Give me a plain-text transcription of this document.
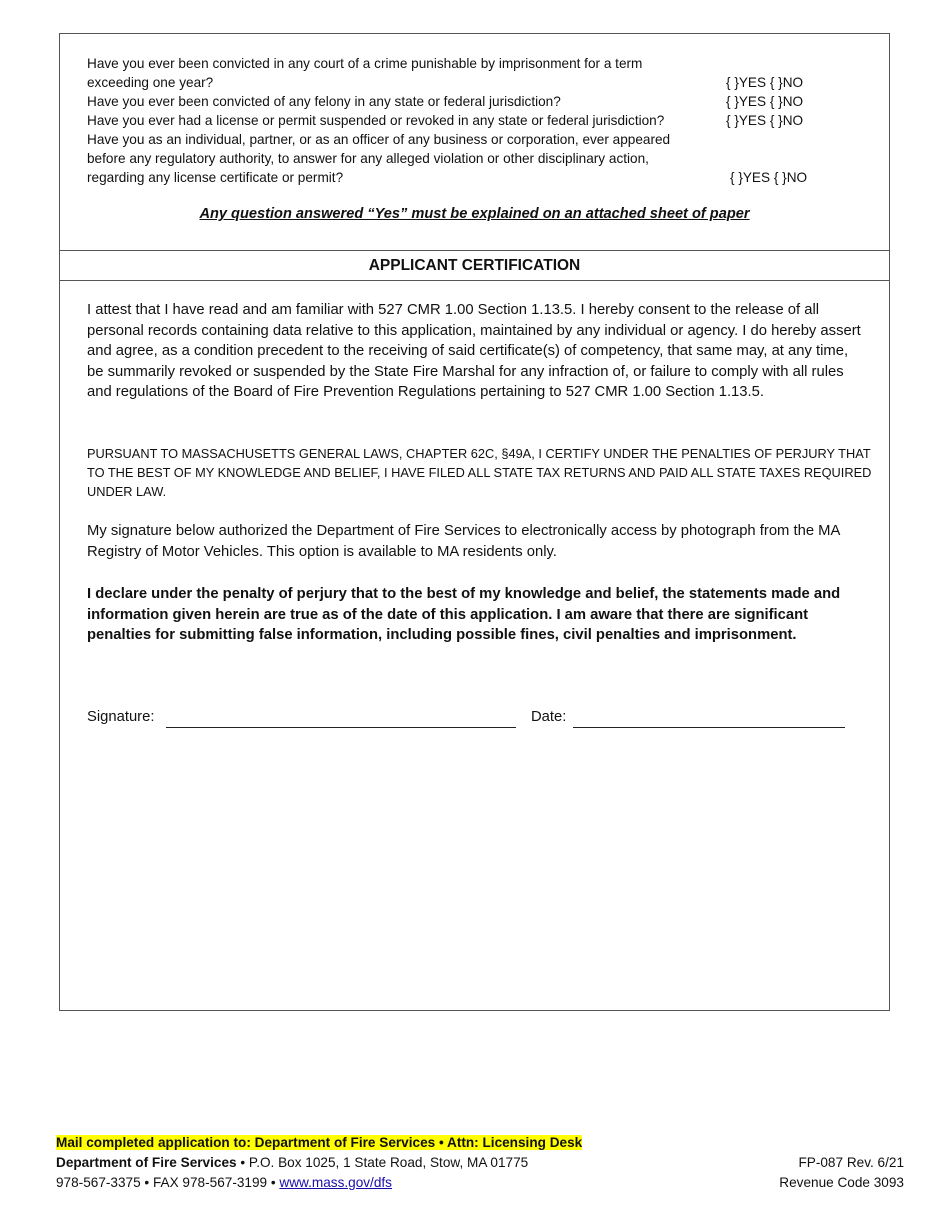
Have you ever been convicted in any court of a crime punishable by imprisonment for a term
exceeding one year?	{ }YES { }NO
Have you ever been convicted of any felony in any state or federal jurisdiction?	{ }YES { }NO
Have you ever had a license or permit suspended or revoked in any state or federal jurisdiction?	{ }YES { }NO
Have you as an individual, partner, or as an officer of any business or corporation, ever appeared
before any regulatory authority, to answer for any alleged violation or other disciplinary action,
regarding any license certificate or permit?	{ }YES { }NO
Any question answered “Yes” must be explained on an attached sheet of paper
APPLICANT CERTIFICATION

I attest that I have read and am familiar with 527 CMR 1.00 Section 1.13.5. I hereby consent to the release of all personal records containing data relative to this application, maintained by any individual or agency. I do hereby assert and agree, as a condition precedent to the receiving of said certificate(s) of competency, that same may, at any time, be summarily revoked or suspended by the State Fire Marshal for any infraction of, or failure to comply with all rules and regulations of the Board of Fire Prevention Regulations pertaining to 527 CMR 1.00 Section 1.13.5.

PURSUANT TO MASSACHUSETTS GENERAL LAWS, CHAPTER 62C, §49A, I CERTIFY UNDER THE PENALTIES OF PERJURY THAT TO THE BEST OF MY KNOWLEDGE AND BELIEF, I HAVE FILED ALL STATE TAX RETURNS AND PAID ALL STATE TAXES REQUIRED UNDER LAW.

My signature below authorized the Department of Fire Services to electronically access by photograph from the MA Registry of Motor Vehicles. This option is available to MA residents only.

I declare under the penalty of perjury that to the best of my knowledge and belief, the statements made and information given herein are true as of the date of this application. I am aware that there are significant penalties for submitting false information, including possible fines, civil penalties and imprisonment.

Signature:	Date:
Mail completed application to: Department of Fire Services • Attn: Licensing Desk
Department of Fire Services • P.O. Box 1025, 1 State Road, Stow, MA 01775
978-567-3375 • FAX 978-567-3199 • www.mass.gov/dfs
FP-087 Rev. 6/21
Revenue Code 3093
